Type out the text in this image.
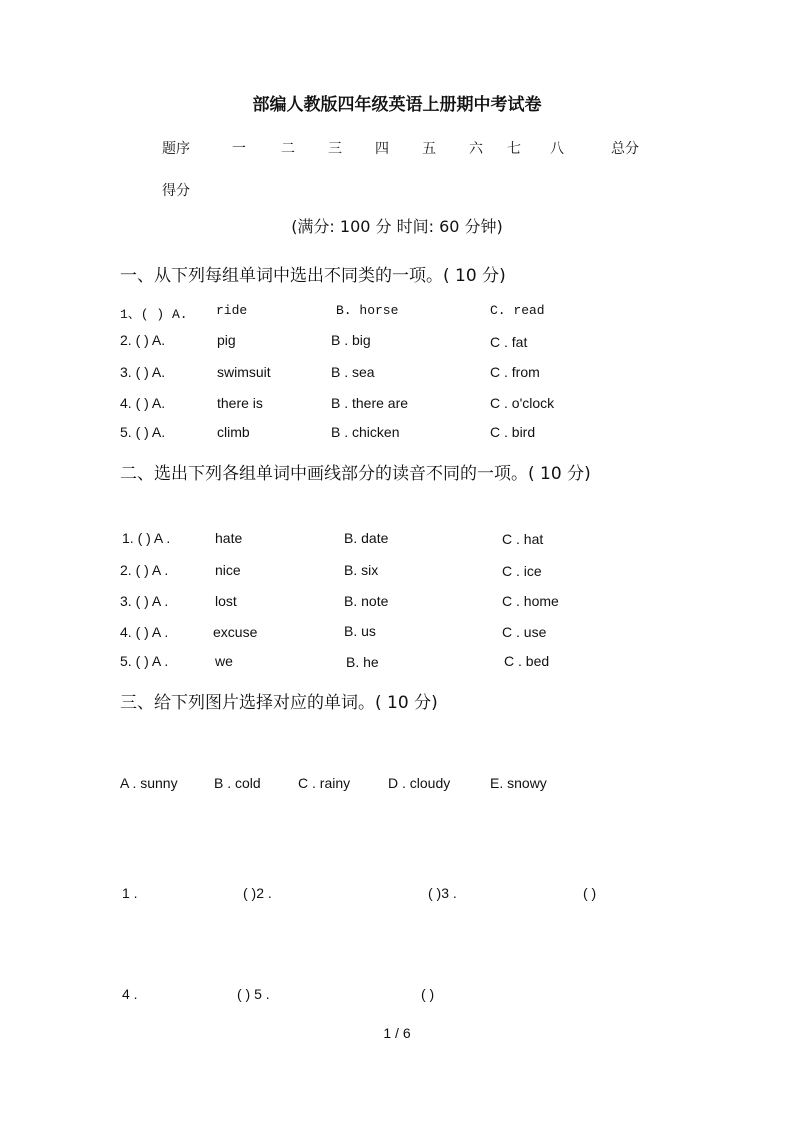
部编人教版四年级英语上册期中考试卷
题序	一	二 三 四 五 六 七 八	总分
得分
(满分: 100 分 时间: 60 分钟)
一、从下列每组单词中选出不同类的一项。( 10 分)
1、( ) A. ride	B. horse	C. read
2. ( ) A.	pig	B . big	C . fat
3. ( ) A.	swimsuit	B . sea	C . from
4. ( ) A.	there is	B . there are	C . o'clock
5. ( ) A.	climb	B . chicken	C . bird
二、选出下列各组单词中画线部分的读音不同的一项。( 10 分)
1. ( ) A .	hate	B. date	C . hat
2. ( ) A .	nice	B. six	C . ice
3. ( ) A .	lost	B. note	C . home
4. ( ) A .	excuse	B. us	C . use
5. ( ) A .	we	B. he	C . bed
三、给下列图片选择对应的单词。( 10 分)
A . sunny	B . cold	C . rainy	D . cloudy	E. snowy
1 .	( )2 .	( )3 .	( )
4 .	( ) 5 .	( )
1 / 6
